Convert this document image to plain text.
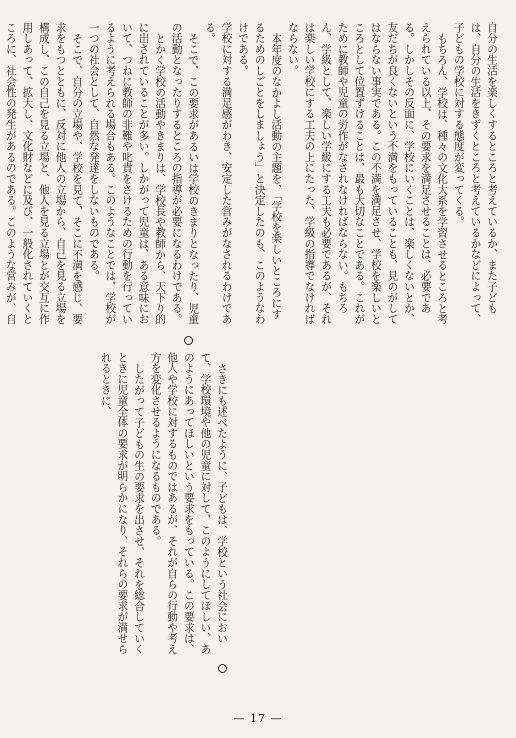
自分の生活を楽しくするところと考えているか、また子どもは、自分の生活をきずくところと考えているかなどによって、子どもの学校に対する態度が変ってくる。

もちろん、学校は、種々の文化大系を学習させるところと考えられている以上、その要求を満足させることは、必要である。しかしその反面に、学校にいくことは、楽しくないとか、友だちが良くないという不満をもっていることも、見のがしてはならない事実である。この不満を満足させ、学校を楽しいところとして位置ずけることは、最も大切なことである。これがために教師や児童の労作がなされなければならない。もちろん、学級として、楽しい学級にする工夫も必要であるが、それは楽しい学校にする工夫の上にたった、学級の指導でなければならない。

本年度のなかよし活動の主題を、「学校を楽しいところにするためのしごとをしましょう」と決定したのも、このようなわけである。

学校に対する満足感がわき、安定した営みがなされるわけである。

そこで、この要求があるいは学校のきまりとなったり、児童の活動となったりするところの指導が必要になるわけである。

とかく学校の活動やきまりは、学校長や教師から、天下り的に出されていることが多い。しかがって児童は、ある意味において、つねに教師の非難や叱責をさけるための行動を行っているように考えられる場合もある。このようなことでは、学校が一つの社会として、自然な発達をしないものである。

そこで、自分の立場や、学校を見て、そこに不満を感じ、要求をもつとともに、反対に他人の立場から、自己を見る立場を構成し、この自己を見る立場と、他人を見る立場とが交互に作用しあって、拡大し、文化財などに及び、一般化されていくところに、社会性の発生があるのである。このような営みが、自

さきにも述べたように、子どもは、学校という社会において、学校環境や他の児童に対して、このようにしてほしい、あのようにあってほしいという要求をもっている。この要求は、他人や学校に対するものではあるが、それが自らの行動や考え方を変化させるようになるものである。

したがって子どもの生の要求を出させ、それを総合していくときに児童全体の要求が明らかになり、それらの要求が満せられるときに、

— 17 —
